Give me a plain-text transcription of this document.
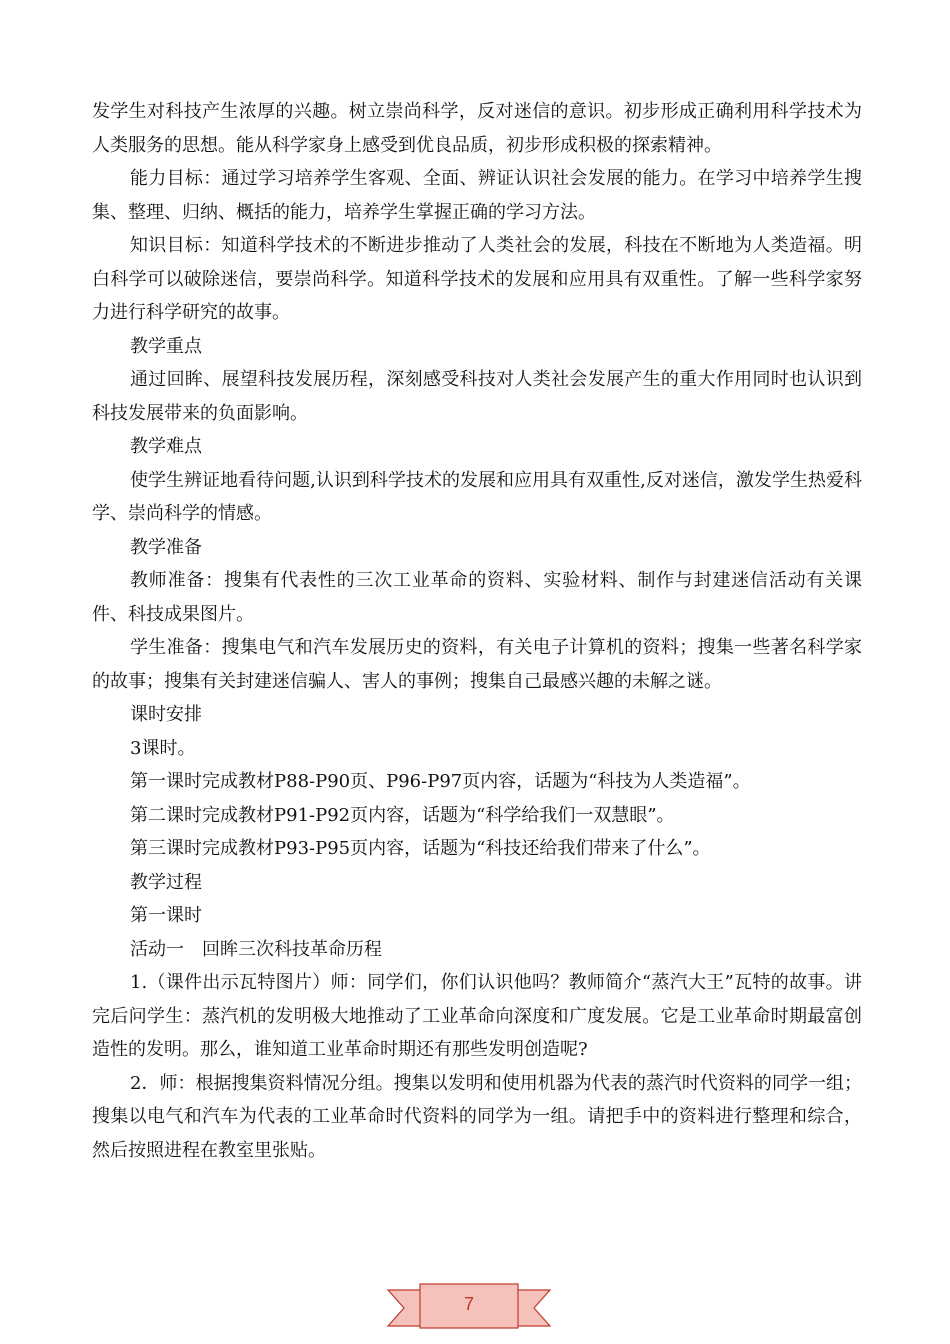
发学生对科技产生浓厚的兴趣。树立崇尚科学，反对迷信的意识。初步形成正确利用科学技术为人类服务的思想。能从科学家身上感受到优良品质，初步形成积极的探索精神。

能力目标：通过学习培养学生客观、全面、辨证认识社会发展的能力。在学习中培养学生搜集、整理、归纳、概括的能力，培养学生掌握正确的学习方法。

知识目标：知道科学技术的不断进步推动了人类社会的发展，科技在不断地为人类造福。明白科学可以破除迷信，要崇尚科学。知道科学技术的发展和应用具有双重性。了解一些科学家努力进行科学研究的故事。

教学重点

通过回眸、展望科技发展历程，深刻感受科技对人类社会发展产生的重大作用同时也认识到科技发展带来的负面影响。

教学难点

使学生辨证地看待问题,认识到科学技术的发展和应用具有双重性,反对迷信，激发学生热爱科学、崇尚科学的情感。

教学准备

教师准备：搜集有代表性的三次工业革命的资料、实验材料、制作与封建迷信活动有关课件、科技成果图片。

学生准备：搜集电气和汽车发展历史的资料，有关电子计算机的资料；搜集一些著名科学家的故事；搜集有关封建迷信骗人、害人的事例；搜集自己最感兴趣的未解之谜。

课时安排

3课时。

第一课时完成教材P88-P90页、P96-P97页内容，话题为“科技为人类造福”。

第二课时完成教材P91-P92页内容，话题为“科学给我们一双慧眼”。

第三课时完成教材P93-P95页内容，话题为“科技还给我们带来了什么”。

教学过程

第一课时

活动一　回眸三次科技革命历程

1.（课件出示瓦特图片）师：同学们，你们认识他吗？教师简介“蒸汽大王”瓦特的故事。讲完后问学生：蒸汽机的发明极大地推动了工业革命向深度和广度发展。它是工业革命时期最富创造性的发明。那么，谁知道工业革命时期还有那些发明创造呢?

2．师：根据搜集资料情况分组。搜集以发明和使用机器为代表的蒸汽时代资料的同学一组；搜集以电气和汽车为代表的工业革命时代资料的同学为一组。请把手中的资料进行整理和综合，然后按照进程在教室里张贴。

7
